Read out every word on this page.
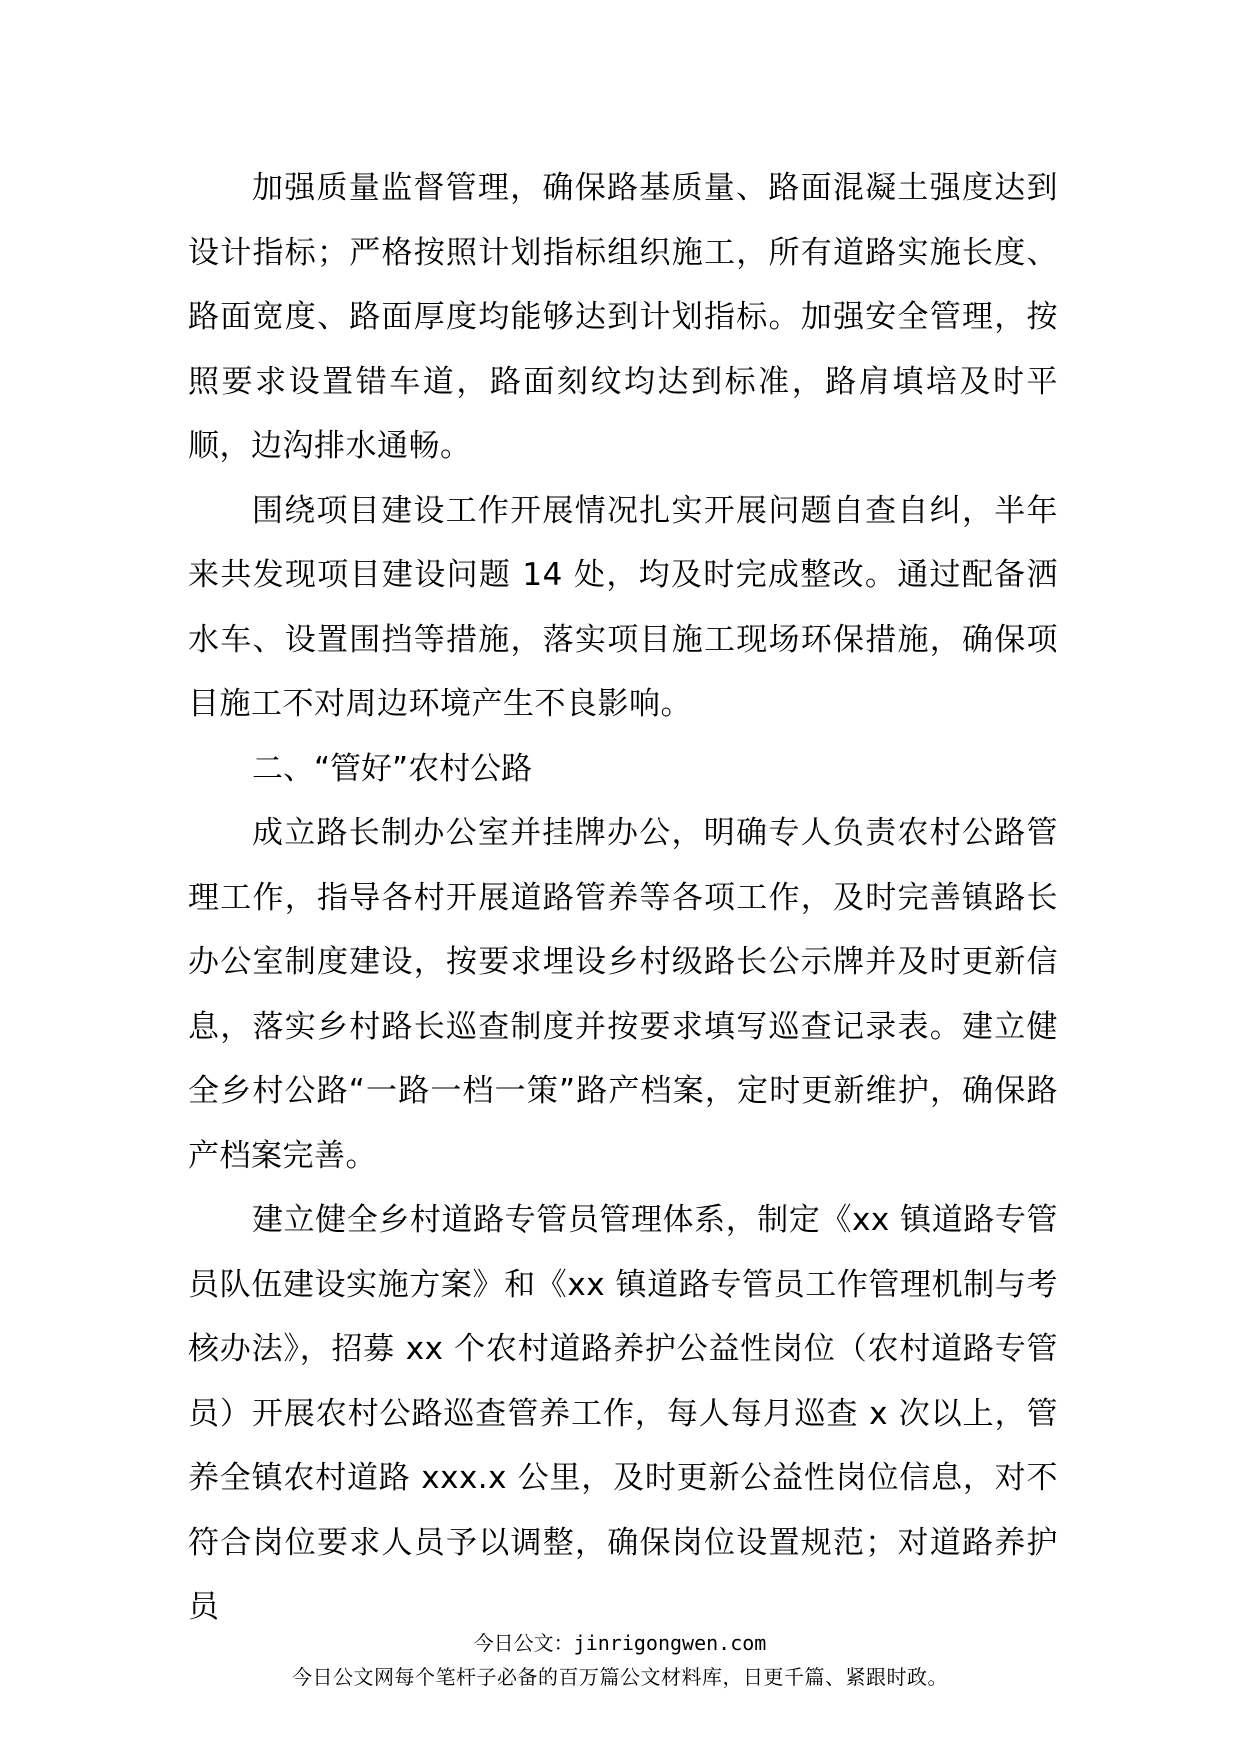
加强质量监督管理，确保路基质量、路面混凝土强度达到设计指标；严格按照计划指标组织施工，所有道路实施长度、路面宽度、路面厚度均能够达到计划指标。加强安全管理，按照要求设置错车道，路面刻纹均达到标准，路肩填培及时平顺，边沟排水通畅。

围绕项目建设工作开展情况扎实开展问题自查自纠，半年来共发现项目建设问题 14 处，均及时完成整改。通过配备洒水车、设置围挡等措施，落实项目施工现场环保措施，确保项目施工不对周边环境产生不良影响。

二、“管好”农村公路

成立路长制办公室并挂牌办公，明确专人负责农村公路管理工作，指导各村开展道路管养等各项工作，及时完善镇路长办公室制度建设，按要求埋设乡村级路长公示牌并及时更新信息，落实乡村路长巡查制度并按要求填写巡查记录表。建立健全乡村公路“一路一档一策”路产档案，定时更新维护，确保路产档案完善。

建立健全乡村道路专管员管理体系，制定《xx 镇道路专管员队伍建设实施方案》和《xx 镇道路专管员工作管理机制与考核办法》，招募 xx 个农村道路养护公益性岗位（农村道路专管员）开展农村公路巡查管养工作，每人每月巡查 x 次以上，管养全镇农村道路 xxx.x 公里，及时更新公益性岗位信息，对不符合岗位要求人员予以调整，确保岗位设置规范；对道路养护员

今日公文：jinrigongwen.com
今日公文网每个笔杆子必备的百万篇公文材料库，日更千篇、紧跟时政。
